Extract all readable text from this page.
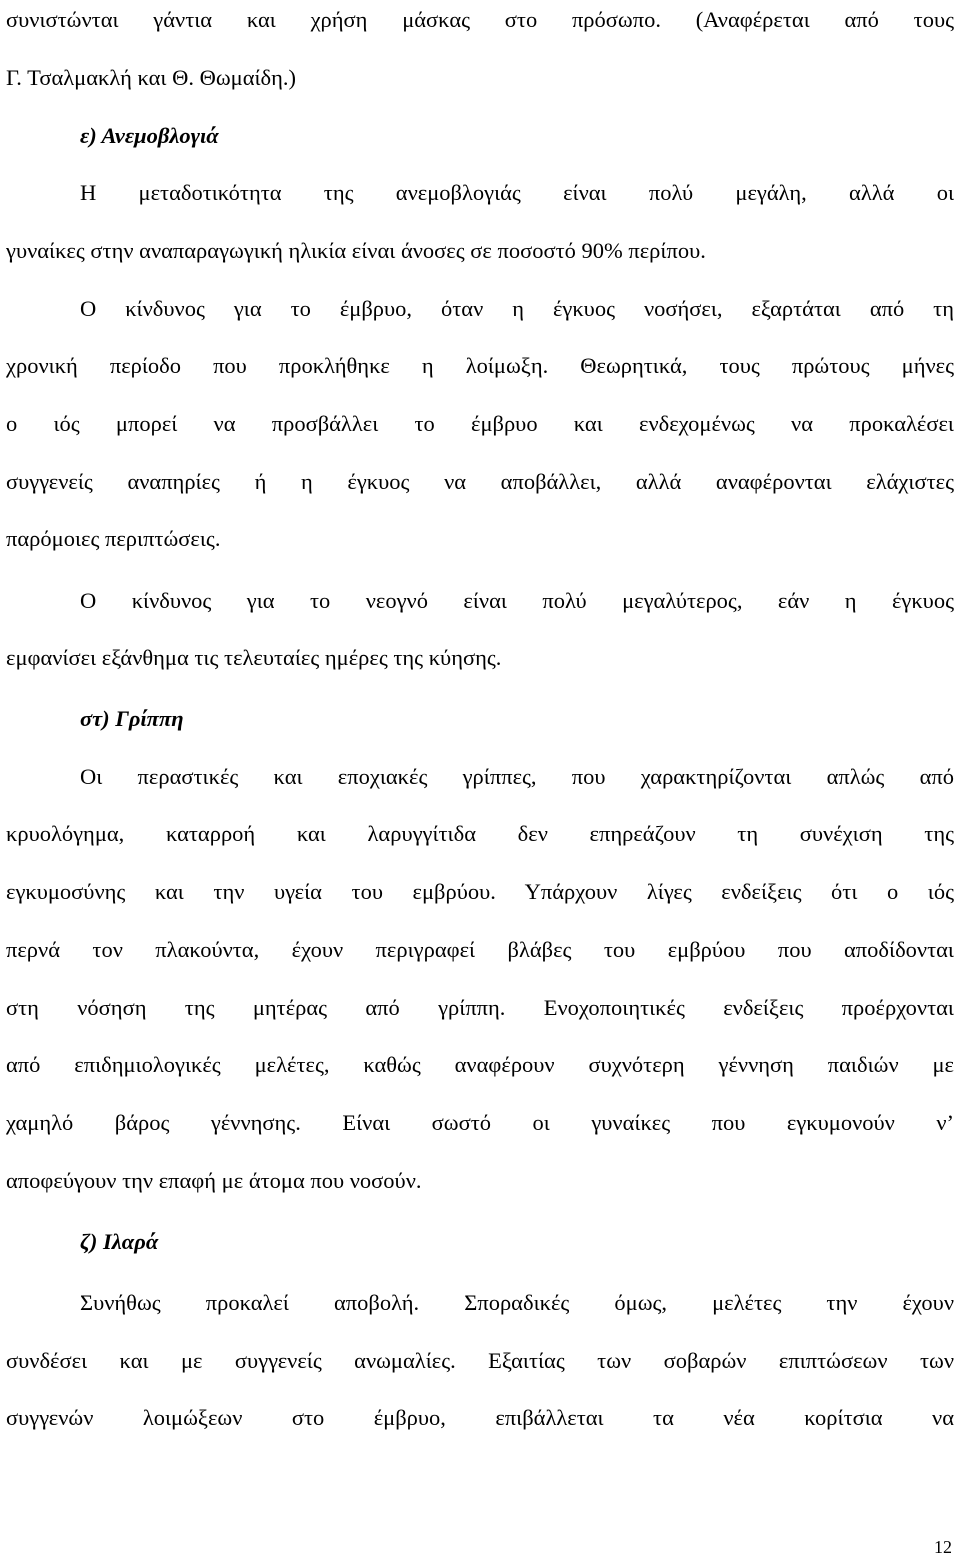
συνιστώνται γάντια και χρήση μάσκας στο πρόσωπο. (Αναφέρεται από τους
Γ. Τσαλμακλή και Θ. Θωμαίδη.)
ε) Ανεμοβλογιά
Η μεταδοτικότητα της ανεμοβλογιάς είναι πολύ μεγάλη, αλλά οι
γυναίκες στην αναπαραγωγική ηλικία είναι άνοσες σε ποσοστό 90% περίπου.
Ο κίνδυνος για το έμβρυο, όταν η έγκυος νοσήσει, εξαρτάται από τη
χρονική περίοδο που προκλήθηκε η λοίμωξη. Θεωρητικά, τους πρώτους μήνες
ο ιός μπορεί να προσβάλλει το έμβρυο και ενδεχομένως να προκαλέσει
συγγενείς αναπηρίες ή η έγκυος να αποβάλλει, αλλά αναφέρονται ελάχιστες
παρόμοιες περιπτώσεις.
Ο κίνδυνος για το νεογνό είναι πολύ μεγαλύτερος, εάν η έγκυος
εμφανίσει εξάνθημα τις τελευταίες ημέρες της κύησης.
στ) Γρίππη
Οι περαστικές και εποχιακές γρίππες, που χαρακτηρίζονται απλώς από
κρυολόγημα, καταρροή και λαρυγγίτιδα δεν επηρεάζουν τη συνέχιση της
εγκυμοσύνης και την υγεία του εμβρύου. Υπάρχουν λίγες ενδείξεις ότι ο ιός
περνά τον πλακούντα, έχουν περιγραφεί βλάβες του εμβρύου που αποδίδονται
στη νόσηση της μητέρας από γρίππη. Ενοχοποιητικές ενδείξεις προέρχονται
από επιδημιολογικές μελέτες, καθώς αναφέρουν συχνότερη γέννηση παιδιών με
χαμηλό βάρος γέννησης. Είναι σωστό οι γυναίκες που εγκυμονούν ν’
αποφεύγουν την επαφή με άτομα που νοσούν.
ζ) Ιλαρά
Συνήθως προκαλεί αποβολή. Σποραδικές όμως, μελέτες την έχουν
συνδέσει και με συγγενείς ανωμαλίες. Εξαιτίας των σοβαρών επιπτώσεων των
συγγενών λοιμώξεων στο έμβρυο, επιβάλλεται τα νέα κορίτσια να
12
